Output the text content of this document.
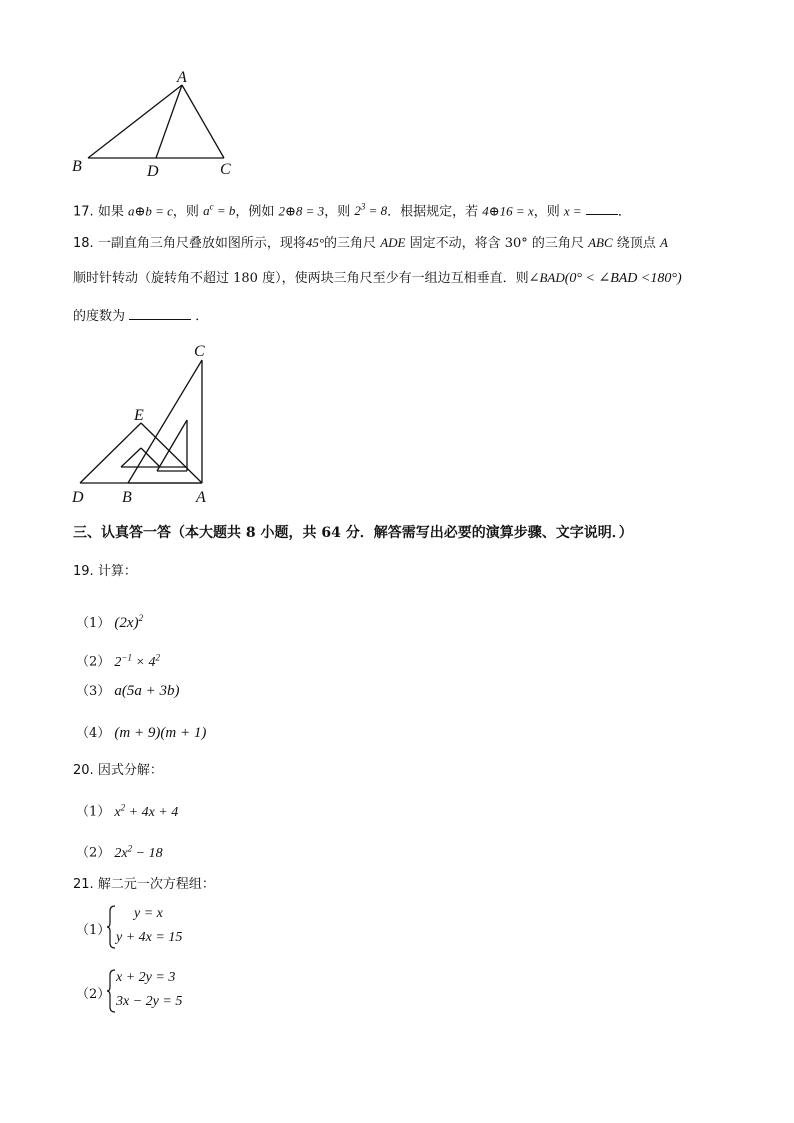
A
B	D	C
17. 如果 a⊕b = c，则 $a^c = b$，例如 2⊕8 = 3，则 $2^3 = 8$．根据规定，若 4⊕16 = x，则 x =	．
18. 一副直角三角尺叠放如图所示，现将45°的三角尺 ADE 固定不动，将含 30° 的三角尺 ABC 绕顶点 A
顺时针转动（旋转角不超过 180 度），使两块三角尺至少有一组边互相垂直．则∠BAD(0° < ∠BAD <180°)
的度数为	．
C
E
D B	A
三、认真答一答（本大题共 8 小题，共 64 分．解答需写出必要的演算步骤、文字说明．）
19. 计算：
（1） $(2x)^2$
（2） $2^{-1} \times 4^2$
（3） a(5a + 3b)
（4） (m + 9)(m + 1)
20. 因式分解：
（1） $x^2 + 4x + 4$
（2） $2x^2 - 18$
21. 解二元一次方程组：
（1）
y = x
y + 4x = 15
（2）
x + 2y = 3
3x − 2y = 5
